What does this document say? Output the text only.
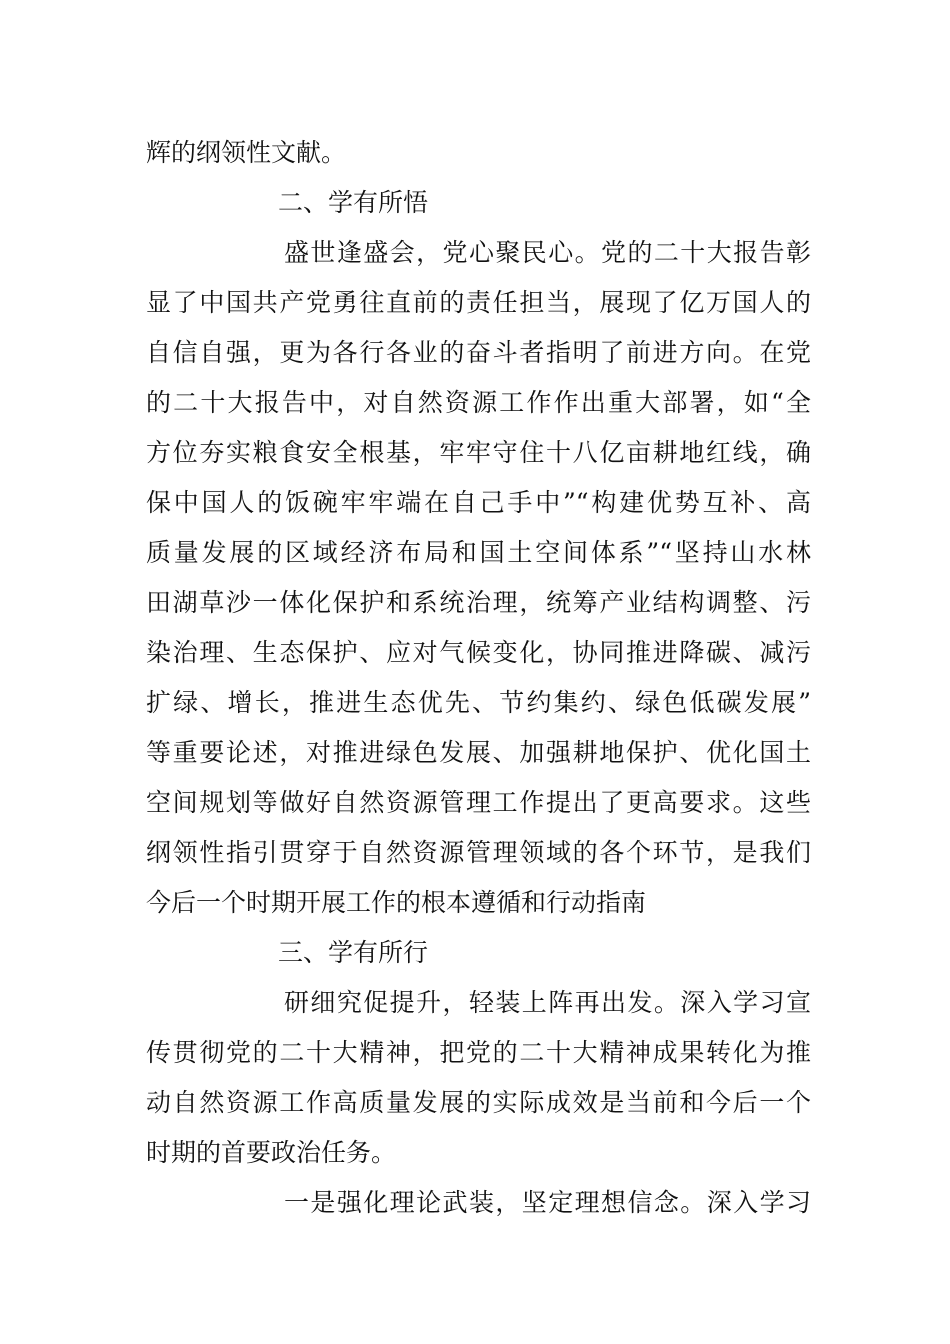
辉的纲领性文献。
二、学有所悟
盛世逢盛会，党心聚民心。党的二十大报告彰
显了中国共产党勇往直前的责任担当，展现了亿万国人的
自信自强，更为各行各业的奋斗者指明了前进方向。在党
的二十大报告中，对自然资源工作作出重大部署，如“全
方位夯实粮食安全根基，牢牢守住十八亿亩耕地红线，确
保中国人的饭碗牢牢端在自己手中”“构建优势互补、高
质量发展的区域经济布局和国土空间体系”“坚持山水林
田湖草沙一体化保护和系统治理，统筹产业结构调整、污
染治理、生态保护、应对气候变化，协同推进降碳、减污
扩绿、增长，推进生态优先、节约集约、绿色低碳发展”
等重要论述，对推进绿色发展、加强耕地保护、优化国土
空间规划等做好自然资源管理工作提出了更高要求。这些
纲领性指引贯穿于自然资源管理领域的各个环节，是我们
今后一个时期开展工作的根本遵循和行动指南
三、学有所行
研细究促提升，轻装上阵再出发。深入学习宣
传贯彻党的二十大精神，把党的二十大精神成果转化为推
动自然资源工作高质量发展的实际成效是当前和今后一个
时期的首要政治任务。
一是强化理论武装，坚定理想信念。深入学习
